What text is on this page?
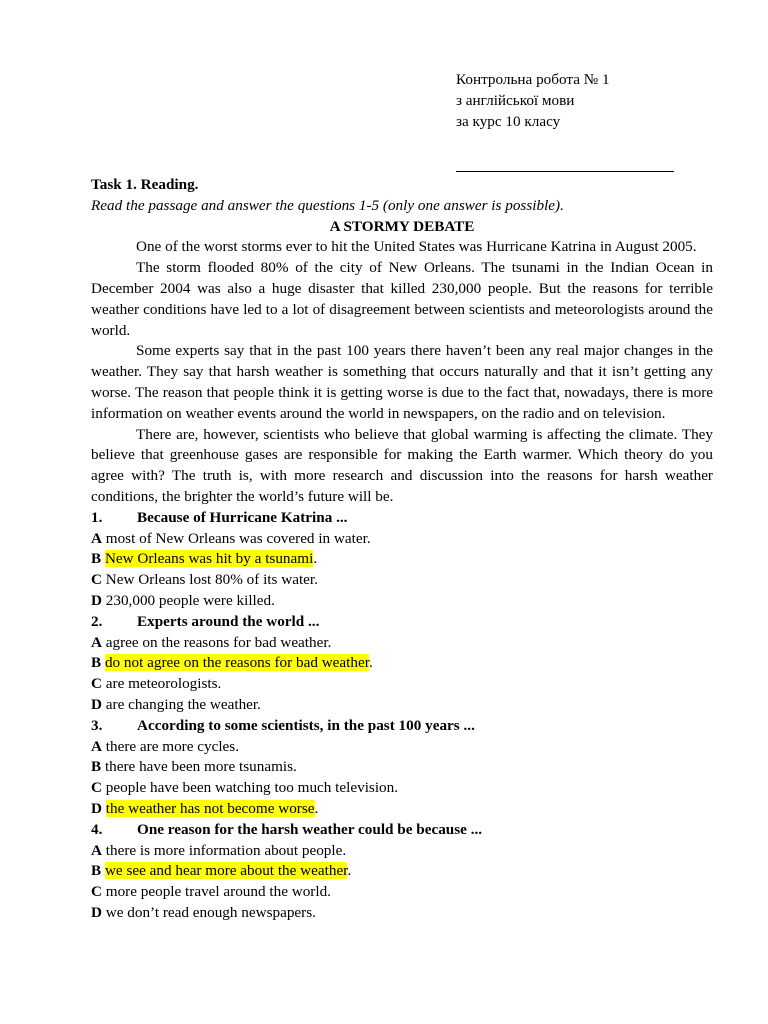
Контрольна робота № 1
з англійської мови
за курс 10 класу
Task 1. Reading.
Read the passage and answer the questions 1-5 (only one answer is possible).
A STORMY DEBATE
One of the worst storms ever to hit the United States was Hurricane Katrina in August 2005.
The storm flooded 80% of the city of New Orleans. The tsunami in the Indian Ocean in December 2004 was also a huge disaster that killed 230,000 people. But the reasons for terrible weather conditions have led to a lot of disagreement between scientists and meteorologists around the world.
Some experts say that in the past 100 years there haven’t been any real major changes in the weather. They say that harsh weather is something that occurs naturally and that it isn’t getting any worse. The reason that people think it is getting worse is due to the fact that, nowadays, there is more information on weather events around the world in newspapers, on the radio and on television.
There are, however, scientists who believe that global warming is affecting the climate. They believe that greenhouse gases are responsible for making the Earth warmer. Which theory do you agree with? The truth is, with more research and discussion into the reasons for harsh weather conditions, the brighter the world’s future will be.
1. Because of Hurricane Katrina ...
A most of New Orleans was covered in water.
B New Orleans was hit by a tsunami.
C New Orleans lost 80% of its water.
D 230,000 people were killed.
2. Experts around the world ...
A agree on the reasons for bad weather.
B do not agree on the reasons for bad weather.
C are meteorologists.
D are changing the weather.
3. According to some scientists, in the past 100 years ...
A there are more cycles.
B there have been more tsunamis.
C people have been watching too much television.
D the weather has not become worse.
4. One reason for the harsh weather could be because ...
A there is more information about people.
B we see and hear more about the weather.
C more people travel around the world.
D we don’t read enough newspapers.
